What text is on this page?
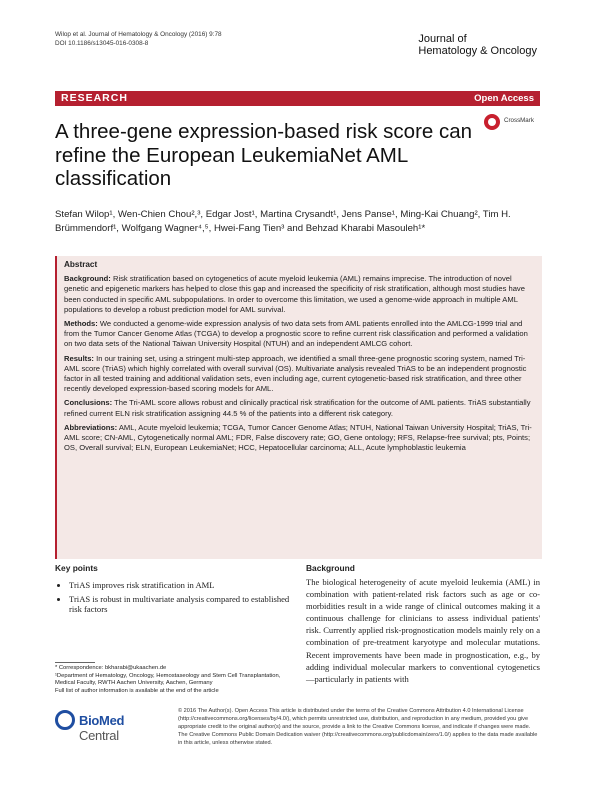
Wilop et al. Journal of Hematology & Oncology (2016) 9:78
DOI 10.1186/s13045-016-0308-8	Journal of
Hematology & Oncology
RESEARCH	Open Access
CrossMark
A three-gene expression-based risk score can refine the European LeukemiaNet AML classification
Stefan Wilop¹, Wen-Chien Chou²,³, Edgar Jost¹, Martina Crysandt¹, Jens Panse¹, Ming-Kai Chuang², Tim H. Brümmendorf¹, Wolfgang Wagner⁴,⁵, Hwei-Fang Tien³ and Behzad Kharabi Masouleh¹*
Abstract

Background: Risk stratification based on cytogenetics of acute myeloid leukemia (AML) remains imprecise. The introduction of novel genetic and epigenetic markers has helped to close this gap and increased the specificity of risk stratification, although most studies have been conducted in specific AML subpopulations. In order to overcome this limitation, we used a genome-wide approach in multiple AML populations to develop a robust prediction model for AML survival.

Methods: We conducted a genome-wide expression analysis of two data sets from AML patients enrolled into the AMLCG-1999 trial and from the Tumor Cancer Genome Atlas (TCGA) to develop a prognostic score to refine current risk classification and performed a validation on two data sets of the National Taiwan University Hospital (NTUH) and an independent AMLCG cohort.

Results: In our training set, using a stringent multi-step approach, we identified a small three-gene prognostic scoring system, named Tri-AML score (TriAS) which highly correlated with overall survival (OS). Multivariate analysis revealed TriAS to be an independent prognostic factor in all tested training and additional validation sets, even including age, current cytogenetic-based risk stratification, and three other recently developed expression-based scoring models for AML.

Conclusions: The Tri-AML score allows robust and clinically practical risk stratification for the outcome of AML patients. TriAS substantially refined current ELN risk stratification assigning 44.5 % of the patients into a different risk category.

Abbreviations: AML, Acute myeloid leukemia; TCGA, Tumor Cancer Genome Atlas; NTUH, National Taiwan University Hospital; TriAS, Tri-AML score; CN-AML, Cytogenetically normal AML; FDR, False discovery rate; GO, Gene ontology; RFS, Relapse-free survival; pts, Points; OS, Overall survival; ELN, European LeukemiaNet; HCC, Hepatocellular carcinoma; ALL, Acute lymphoblastic leukemia

Key points
• TriAS improves risk stratification in AML
• TriAS is robust in multivariate analysis compared to established risk factors
* Correspondence: bkharabi@ukaachen.de
¹Department of Hematology, Oncology, Hemostaseology and Stem Cell Transplantation, Medical Faculty, RWTH Aachen University, Aachen, Germany
Full list of author information is available at the end of the article
Background

The biological heterogeneity of acute myeloid leukemia (AML) in combination with patient-related risk factors such as age or co-morbidities result in a wide range of clinical outcomes making it a continuous challenge for clinicians to assess individual patients' risk. Currently applied risk-prognostication models mainly rely on a combination of pre-treatment karyotype and molecular mutations. Recent improvements have been made in prognostication, e.g., by adding individual molecular markers to conventional cytogenetics—particularly in patients with

BioMed Central
© 2016 The Author(s). Open Access This article is distributed under the terms of the Creative Commons Attribution 4.0 International License (http://creativecommons.org/licenses/by/4.0/), which permits unrestricted use, distribution, and reproduction in any medium, provided you give appropriate credit to the original author(s) and the source, provide a link to the Creative Commons license, and indicate if changes were made. The Creative Commons Public Domain Dedication waiver (http://creativecommons.org/publicdomain/zero/1.0/) applies to the data made available in this article, unless otherwise stated.
